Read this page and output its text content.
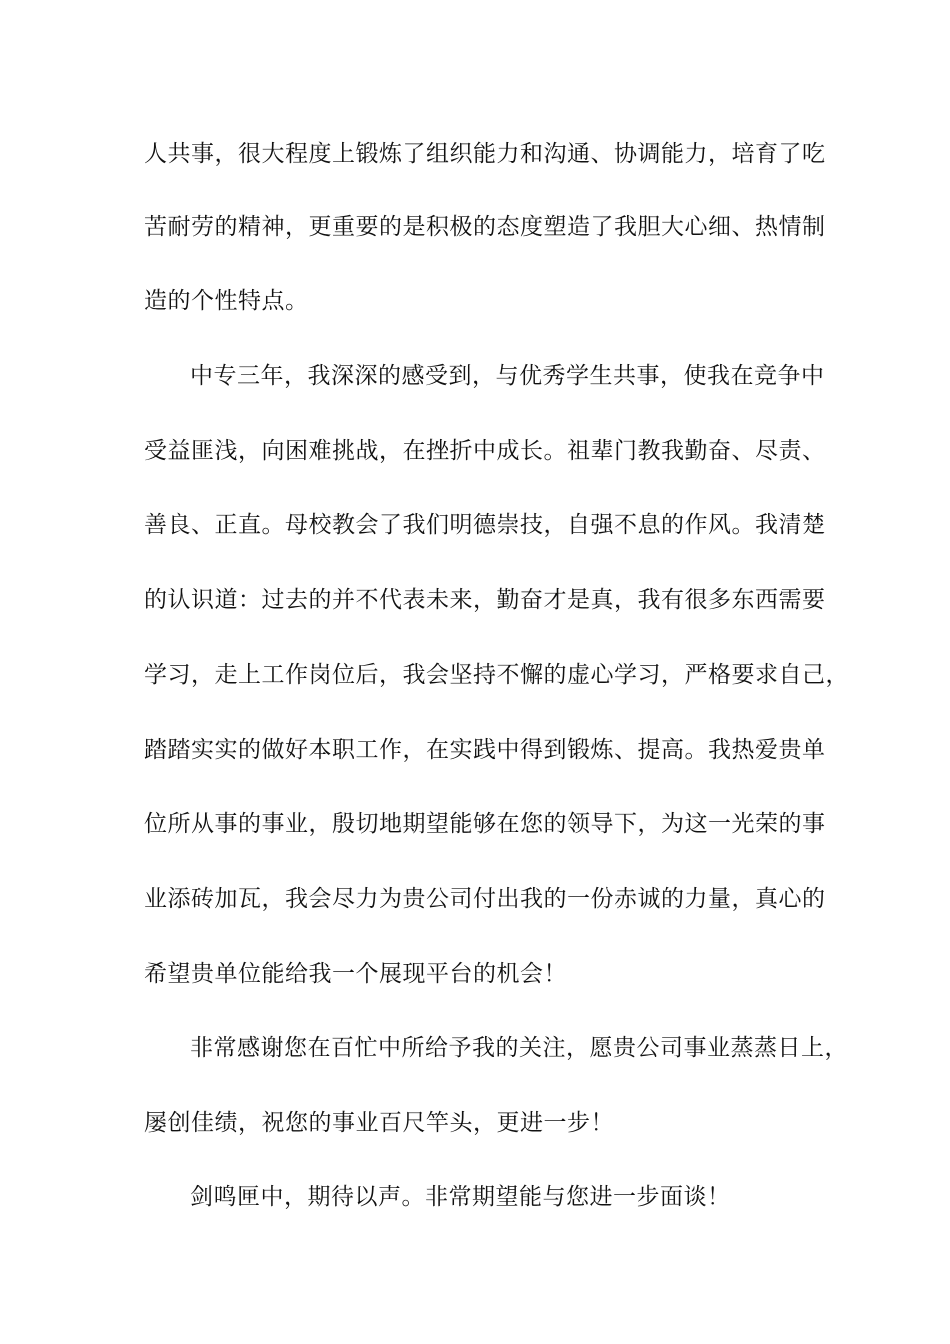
人共事，很大程度上锻炼了组织能力和沟通、协调能力，培育了吃
苦耐劳的精神，更重要的是积极的态度塑造了我胆大心细、热情制
造的个性特点。
中专三年，我深深的感受到，与优秀学生共事，使我在竞争中
受益匪浅，向困难挑战，在挫折中成长。祖辈门教我勤奋、尽责、
善良、正直。母校教会了我们明德崇技，自强不息的作风。我清楚
的认识道：过去的并不代表未来，勤奋才是真，我有很多东西需要
学习，走上工作岗位后，我会坚持不懈的虚心学习，严格要求自己，
踏踏实实的做好本职工作，在实践中得到锻炼、提高。我热爱贵单
位所从事的事业，殷切地期望能够在您的领导下，为这一光荣的事
业添砖加瓦，我会尽力为贵公司付出我的一份赤诚的力量，真心的
希望贵单位能给我一个展现平台的机会！
非常感谢您在百忙中所给予我的关注，愿贵公司事业蒸蒸日上，
屡创佳绩，祝您的事业百尺竿头，更进一步！
剑鸣匣中，期待以声。非常期望能与您进一步面谈！
